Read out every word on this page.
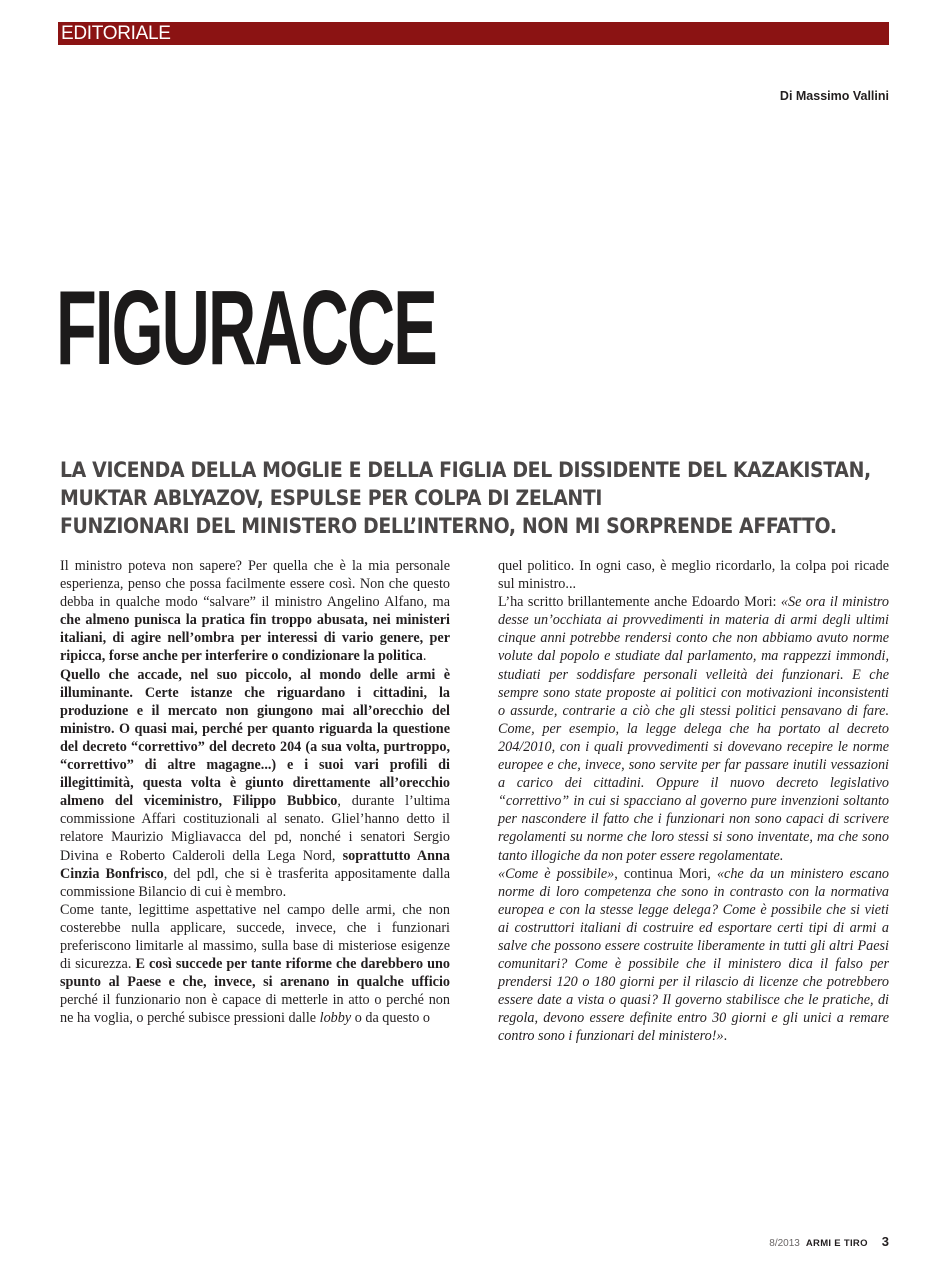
EDITORIALE
Di Massimo Vallini
FIGURACCE
LA VICENDA DELLA MOGLIE E DELLA FIGLIA DEL DISSIDENTE DEL KAZAKISTAN,
MUKTAR ABLYAZOV, ESPULSE PER COLPA DI ZELANTI
FUNZIONARI DEL MINISTERO DELL’INTERNO, NON MI SORPRENDE AFFATTO.

Il ministro poteva non sapere? Per quella che è la mia personale esperienza, penso che possa facilmente essere così. Non che questo debba in qualche modo “salvare” il ministro Angelino Alfano, ma che almeno punisca la pratica fin troppo abusata, nei ministeri italiani, di agire nell’ombra per interessi di vario genere, per ripicca, forse anche per interferire o condizionare la politica.

Quello che accade, nel suo piccolo, al mondo delle armi è illuminante. Certe istanze che riguardano i cittadini, la produzione e il mercato non giungono mai all’orecchio del ministro. O quasi mai, perché per quanto riguarda la questione del decreto “correttivo” del decreto 204 (a sua volta, purtroppo, “correttivo” di altre magagne...) e i suoi vari profili di illegittimità, questa volta è giunto direttamente all’orecchio almeno del viceministro, Filippo Bubbico, durante l’ultima commissione Affari costituzionali al senato. Gliel’hanno detto il relatore Maurizio Migliavacca del pd, nonché i senatori Sergio Divina e Roberto Calderoli della Lega Nord, soprattutto Anna Cinzia Bonfrisco, del pdl, che si è trasferita appositamente dalla commissione Bilancio di cui è membro.

Come tante, legittime aspettative nel campo delle armi, che non costerebbe nulla applicare, succede, invece, che i funzionari preferiscono limitarle al massimo, sulla base di misteriose esigenze di sicurezza. E così succede per tante riforme che darebbero uno spunto al Paese e che, invece, si arenano in qualche ufficio perché il funzionario non è capace di metterle in atto o perché non ne ha voglia, o perché subisce pressioni dalle lobby o da questo o

quel politico. In ogni caso, è meglio ricordarlo, la colpa poi ricade sul ministro...

L’ha scritto brillantemente anche Edoardo Mori: «Se ora il ministro desse un’occhiata ai provvedimenti in materia di armi degli ultimi cinque anni potrebbe rendersi conto che non abbiamo avuto norme volute dal popolo e studiate dal parlamento, ma rappezzi immondi, studiati per soddisfare personali velleità dei funzionari. E che sempre sono state proposte ai politici con motivazioni inconsistenti o assurde, contrarie a ciò che gli stessi politici pensavano di fare. Come, per esempio, la legge delega che ha portato al decreto 204/2010, con i quali provvedimenti si dovevano recepire le norme europee e che, invece, sono servite per far passare inutili vessazioni a carico dei cittadini. Oppure il nuovo decreto legislativo “correttivo” in cui si spacciano al governo pure invenzioni soltanto per nascondere il fatto che i funzionari non sono capaci di scrivere regolamenti su norme che loro stessi si sono inventate, ma che sono tanto illogiche da non poter essere regolamentate.

«Come è possibile», continua Mori, «che da un ministero escano norme di loro competenza che sono in contrasto con la normativa europea e con la stesse legge delega? Come è possibile che si vieti ai costruttori italiani di costruire ed esportare certi tipi di armi a salve che possono essere costruite liberamente in tutti gli altri Paesi comunitari? Come è possibile che il ministero dica il falso per prendersi 120 o 180 giorni per il rilascio di licenze che potrebbero essere date a vista o quasi? Il governo stabilisce che le pratiche, di regola, devono essere definite entro 30 giorni e gli unici a remare contro sono i funzionari del ministero!».

8/2013 ARMI E TIRO 3
